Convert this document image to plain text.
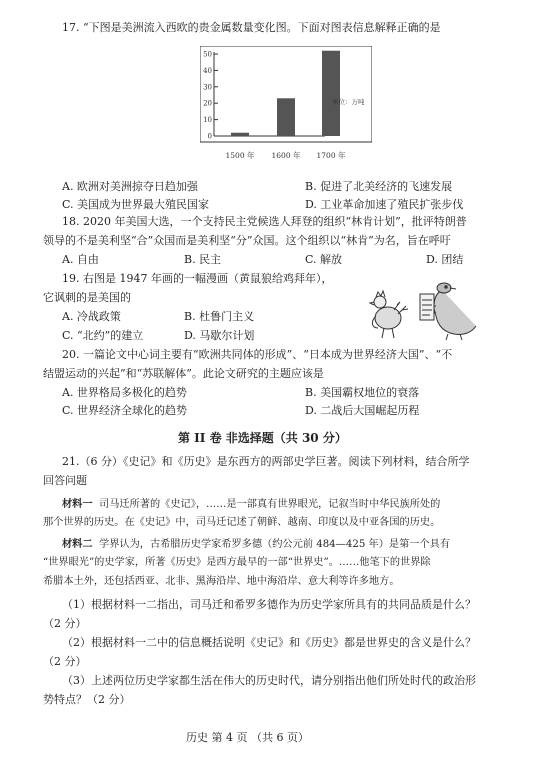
17. “下图是美洲流入西欧的贵金属数量变化图。下面对图表信息解释正确的是
0
10
20
30
40
50
1500 年 1600 年 1700 年
单位：万吨
A. 欧洲对美洲掠夺日趋加强	B. 促进了北美经济的飞速发展
C. 美国成为世界最大殖民国家	D. 工业革命加速了殖民扩张步伐
18. 2020 年美国大选，一个支持民主党候选人拜登的组织“林肯计划”，批评特朗普
领导的不是美利坚“合”众国而是美利坚“分”众国。这个组织以“林肯”为名，旨在呼吁
A. 自由	B. 民主	C. 解放	D. 团结
19. 右图是 1947 年画的一幅漫画（黄鼠狼给鸡拜年），
它讽刺的是美国的
A. 冷战政策	B. 杜鲁门主义
C. “北约”的建立	D. 马歇尔计划
20. 一篇论文中心词主要有“欧洲共同体的形成”、“日本成为世界经济大国”、“不
结盟运动的兴起”和“苏联解体”。此论文研究的主题应该是
A. 世界格局多极化的趋势	B. 美国霸权地位的衰落
C. 世界经济全球化的趋势	D. 二战后大国崛起历程
第 II 卷 非选择题（共 30 分）
21.（6 分）《史记》和《历史》是东西方的两部史学巨著。阅读下列材料，结合所学
回答问题
材料一 司马迁所著的《史记》，……是一部真有世界眼光，记叙当时中华民族所处的
那个世界的历史。在《史记》中，司马迁记述了朝鲜、越南、印度以及中亚各国的历史。
材料二 学界认为，古希腊历史学家希罗多德（约公元前 484—425 年）是第一个具有
“世界眼光”的史学家，所著《历史》是西方最早的一部“世界史”。……他笔下的世界除
希腊本土外，还包括西亚、北非、黑海沿岸、地中海沿岸、意大利等许多地方。
（1）根据材料一二指出，司马迁和希罗多德作为历史学家所具有的共同品质是什么？
（2 分）
（2）根据材料一二中的信息概括说明《史记》和《历史》都是世界史的含义是什么？
（2 分）
（3）上述两位历史学家都生活在伟大的历史时代，请分别指出他们所处时代的政治形
势特点？（2 分）
历史 第 4 页 （共 6 页）
